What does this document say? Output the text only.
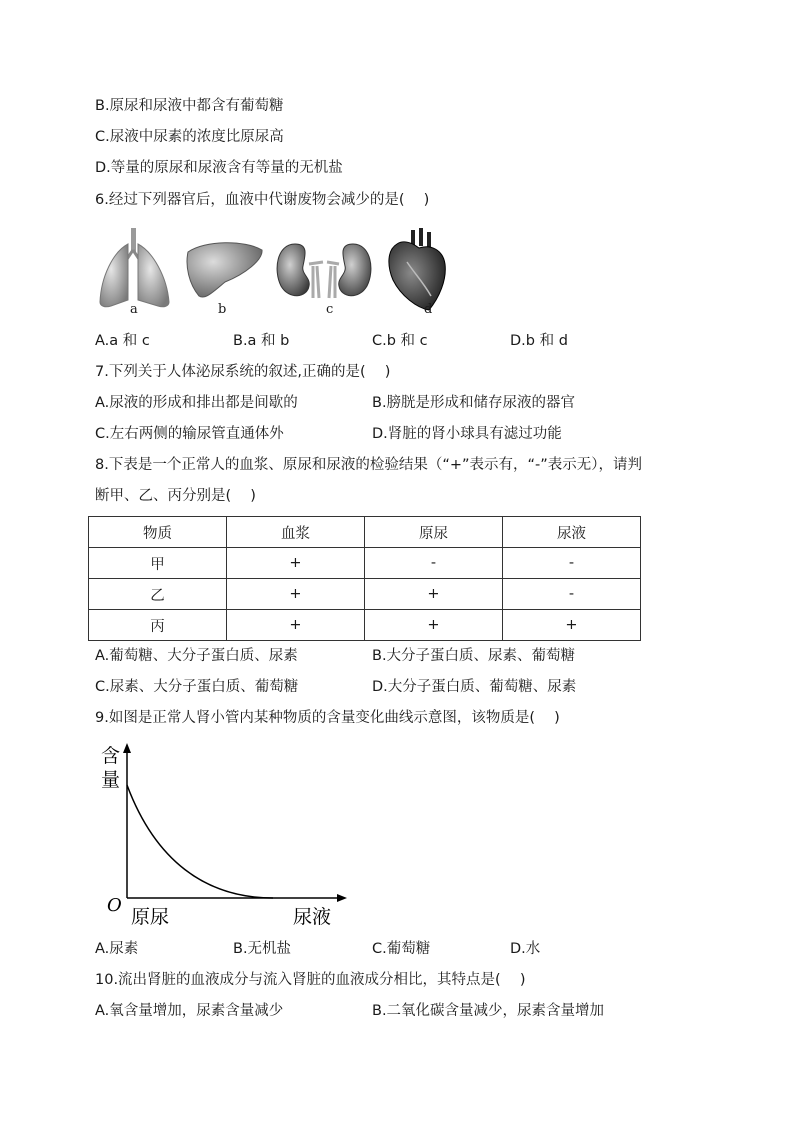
B.原尿和尿液中都含有葡萄糖
C.尿液中尿素的浓度比原尿高
D.等量的原尿和尿液含有等量的无机盐
6.经过下列器官后，血液中代谢废物会减少的是(　 )
a	b	c	d
A.a 和 c	B.a 和 b	C.b 和 c	D.b 和 d
7.下列关于人体泌尿系统的叙述,正确的是(　 )
A.尿液的形成和排出都是间歇的	B.膀胱是形成和储存尿液的器官
C.左右两侧的输尿管直通体外	D.肾脏的肾小球具有滤过功能
8.下表是一个正常人的血浆、原尿和尿液的检验结果（“+”表示有，“-”表示无），请判
断甲、乙、丙分别是(　 )
物质	血浆	原尿	尿液
甲	+	-	-
乙	+	+	-
丙	+	+	+
A.葡萄糖、大分子蛋白质、尿素	B.大分子蛋白质、尿素、葡萄糖
C.尿素、大分子蛋白质、葡萄糖	D.大分子蛋白质、葡萄糖、尿素
9.如图是正常人肾小管内某种物质的含量变化曲线示意图，该物质是(　 )
含
量
O
原尿	尿液
A.尿素	B.无机盐	C.葡萄糖	D.水
10.流出肾脏的血液成分与流入肾脏的血液成分相比，其特点是(　 )
A.氧含量增加，尿素含量减少	B.二氧化碳含量减少，尿素含量增加
